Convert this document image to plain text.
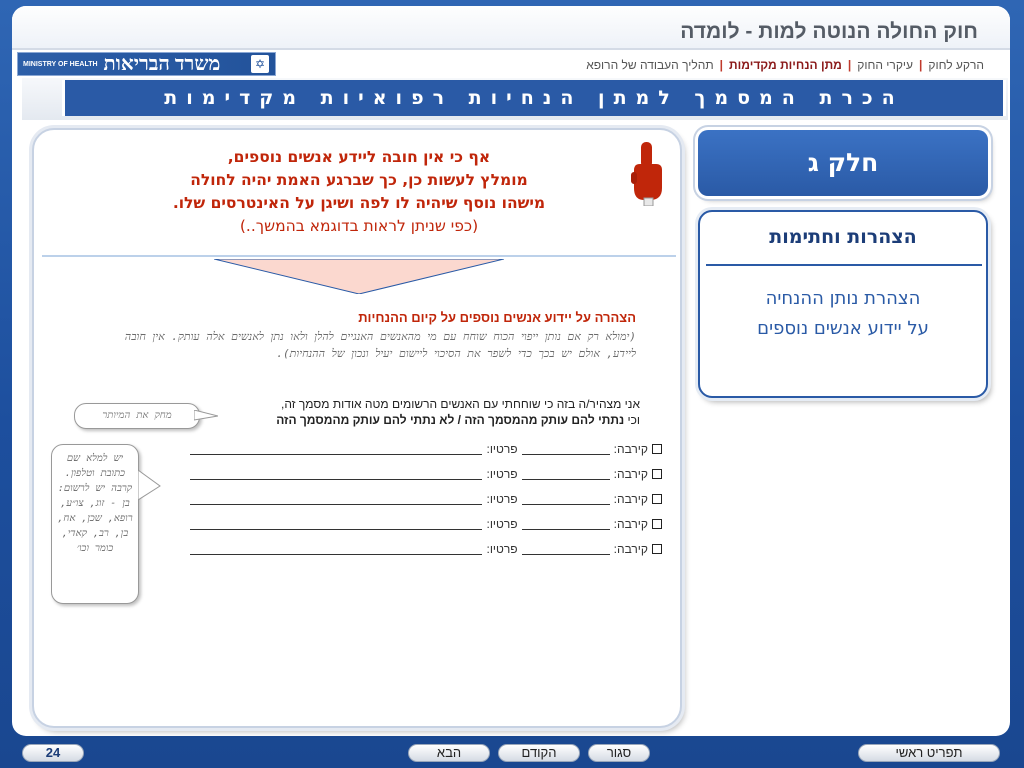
חוק החולה הנוטה למות - לומדה
MINISTRY OF HEALTH משרד הבריאות	✡	הרקע לחוק
|
עיקרי החוק
|
מתן הנחיות מקדימות
|
תהליך העבודה של הרופא
הכרת המסמך למתן הנחיות רפואיות מקדימות
אף כי אין חובה ליידע אנשים נוספים,
מומלץ לעשות כן, כך שברגע האמת יהיה לחולה
מישהו נוסף שיהיה לו לפה ושיגן על האינטרסים שלו.
(כפי שניתן לראות בדוגמא בהמשך..)
הצהרה על יידוע אנשים נוספים על קיום ההנחיות
(ימולא רק אם נותן ייפוי הכוח שוחח עם מי מהאנשים האנגיים להלן ולאו נתן לאנשים אלה עותק. אין חובה ליידע, אולם יש בכך כדי לשפר את הסיכוי ליישום יעיל ונכון של ההנחיות).
אני מצהיר/ה בזה כי שוחחתי עם האנשים הרשומים מטה אודות מסמך זה,
וכי נתתי להם עותק מהמסמך הזה / לא נתתי להם עותק מהמסמך הזה
מחק את המיותר
יש למלא שם כתובת וטלפון. קרבה יש לרשום: בן - זוג, צו״ע, רופא, שכן, אח, בן, רב, קאדי, כומר וכו׳
קירבה:
פרטיו:
קירבה:
פרטיו:
קירבה:
פרטיו:
קירבה:
פרטיו:
קירבה:
פרטיו:
חלק ג
הצהרות וחתימות
הצהרת נותן ההנחיה
על יידוע אנשים נוספים
24	הבא	הקודם	סגור	תפריט ראשי
